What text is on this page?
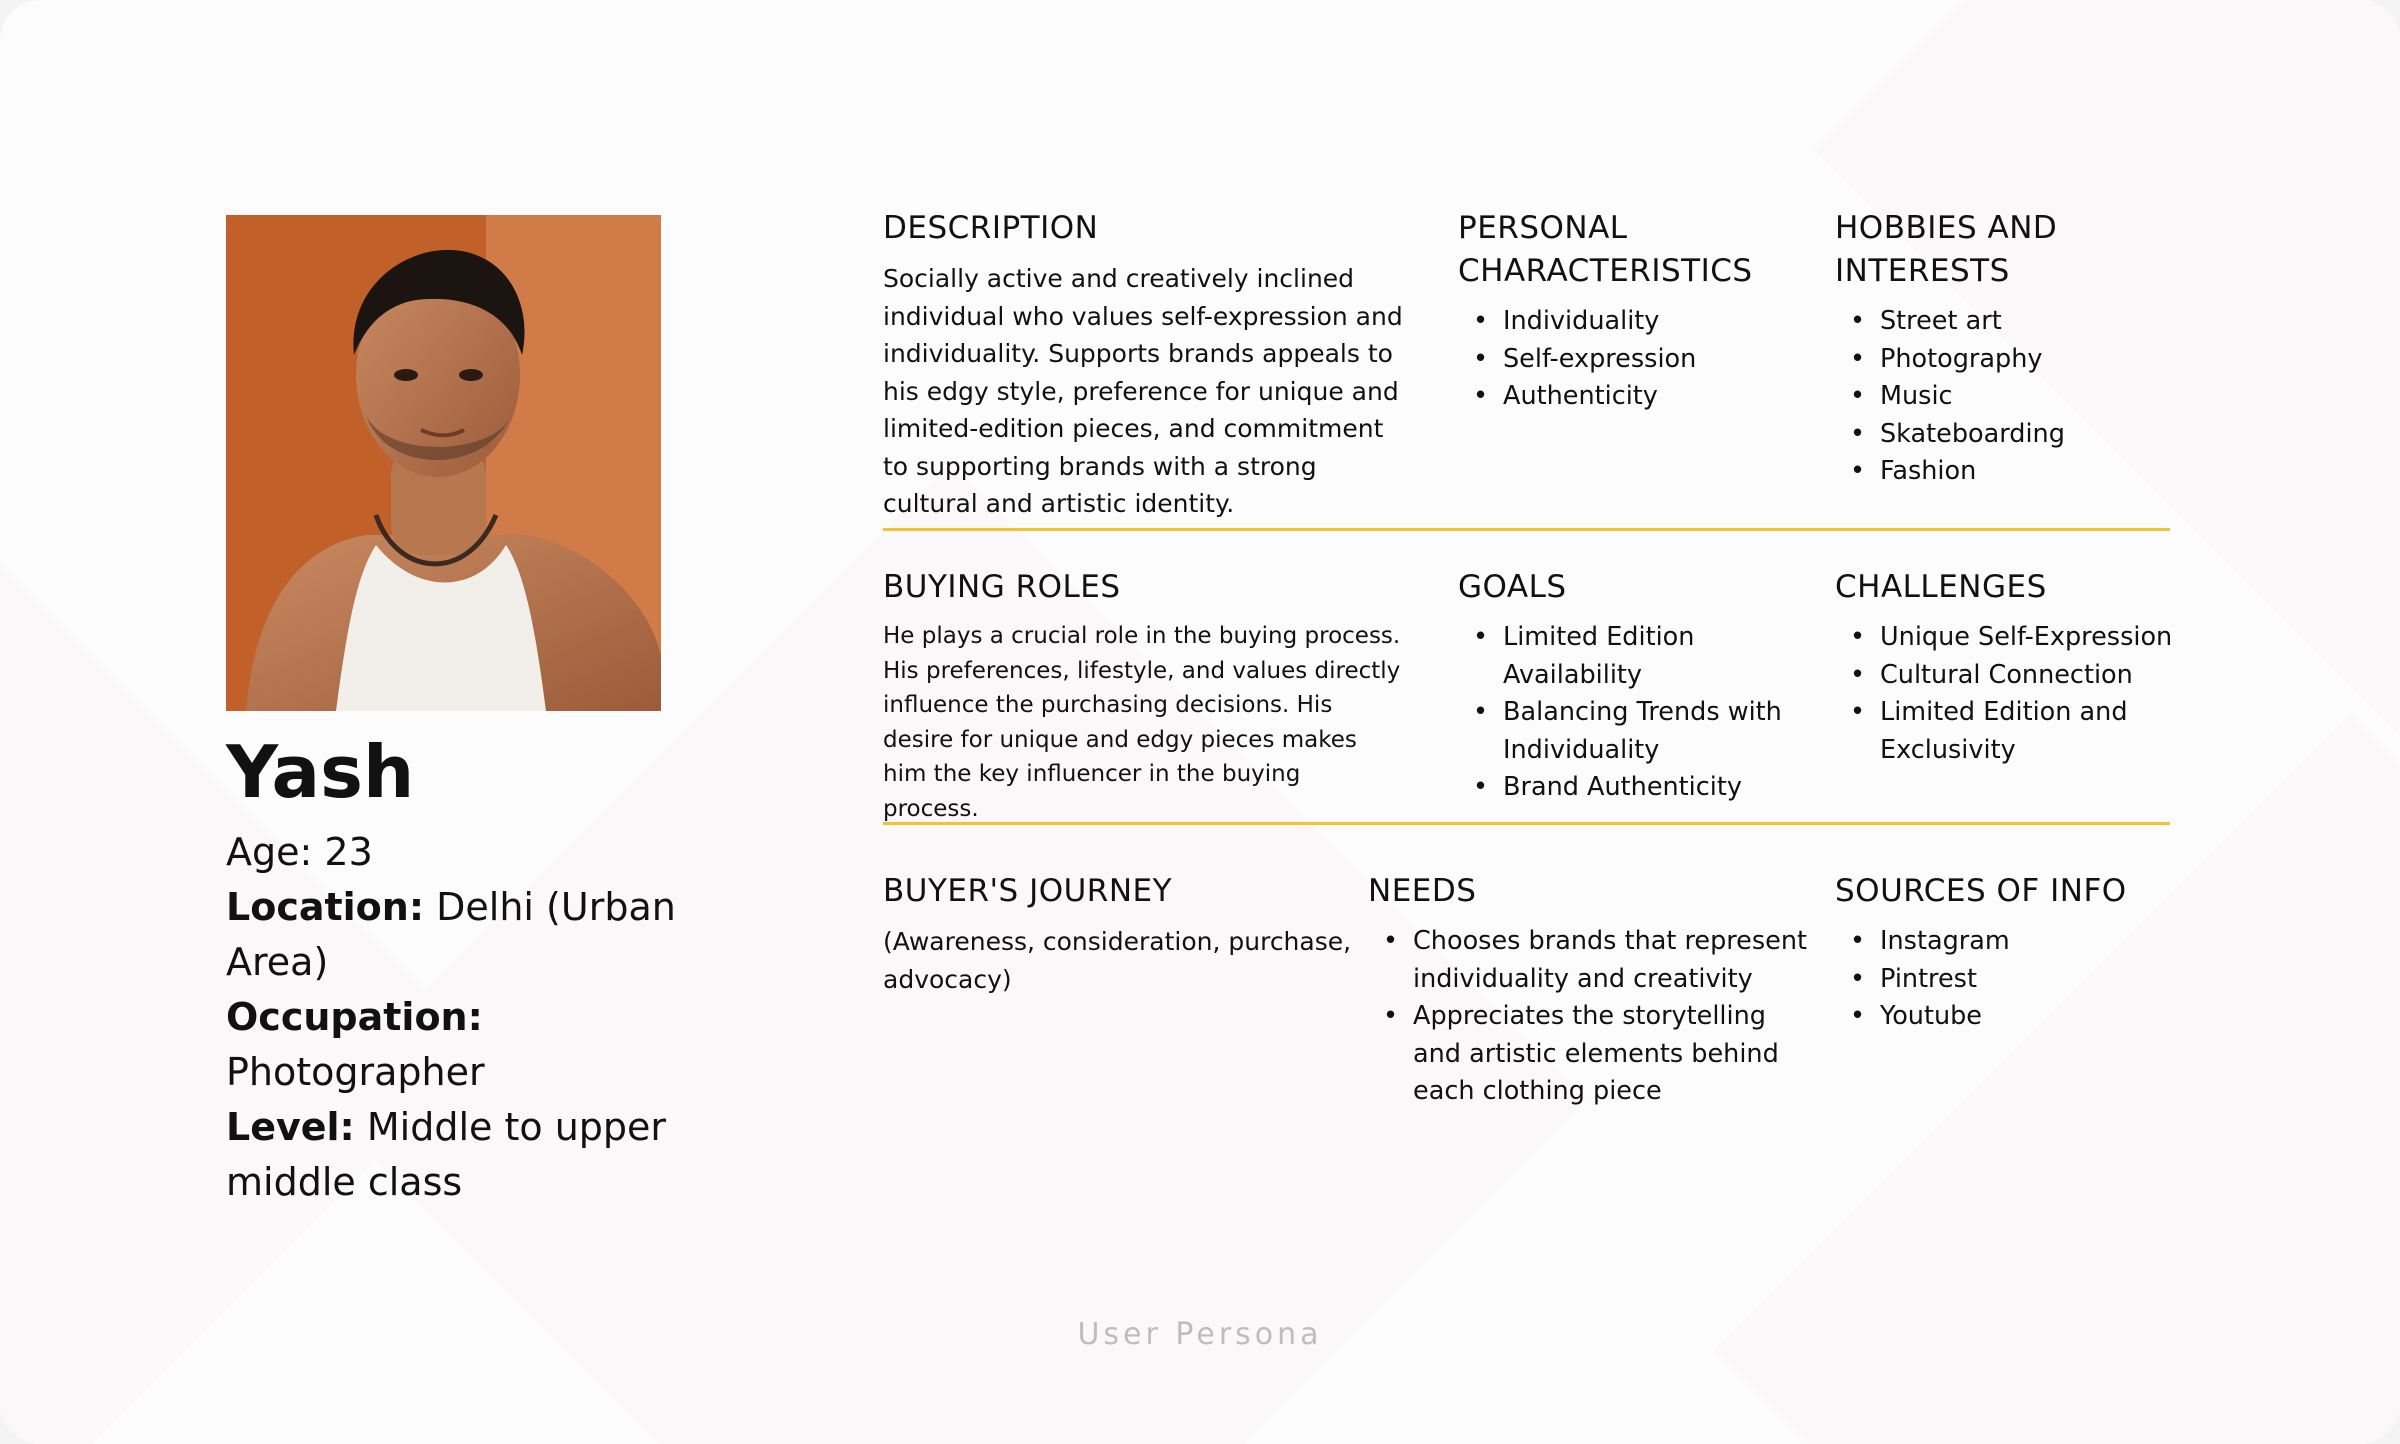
Yash
Age: 23
Location: Delhi (Urban Area)
Occupation: Photographer
Level: Middle to upper middle class
DESCRIPTION

Socially active and creatively inclined individual who values self-expression and individuality. Supports brands appeals to his edgy style, preference for unique and limited-edition pieces, and commitment to supporting brands with a strong cultural and artistic identity.

PERSONAL CHARACTERISTICS
• Individuality
• Self-expression
• Authenticity
HOBBIES AND INTERESTS
• Street art
• Photography
• Music
• Skateboarding
• Fashion
BUYING ROLES

He plays a crucial role in the buying process. His preferences, lifestyle, and values directly influence the purchasing decisions. His desire for unique and edgy pieces makes him the key influencer in the buying process.

GOALS
• Limited Edition Availability
• Balancing Trends with Individuality
• Brand Authenticity
CHALLENGES
• Unique Self-Expression
• Cultural Connection
• Limited Edition and Exclusivity
BUYER'S JOURNEY

(Awareness, consideration, purchase, advocacy)

NEEDS
• Chooses brands that represent individuality and creativity
• Appreciates the storytelling and artistic elements behind each clothing piece
SOURCES OF INFO
• Instagram
• Pintrest
• Youtube
User Persona
